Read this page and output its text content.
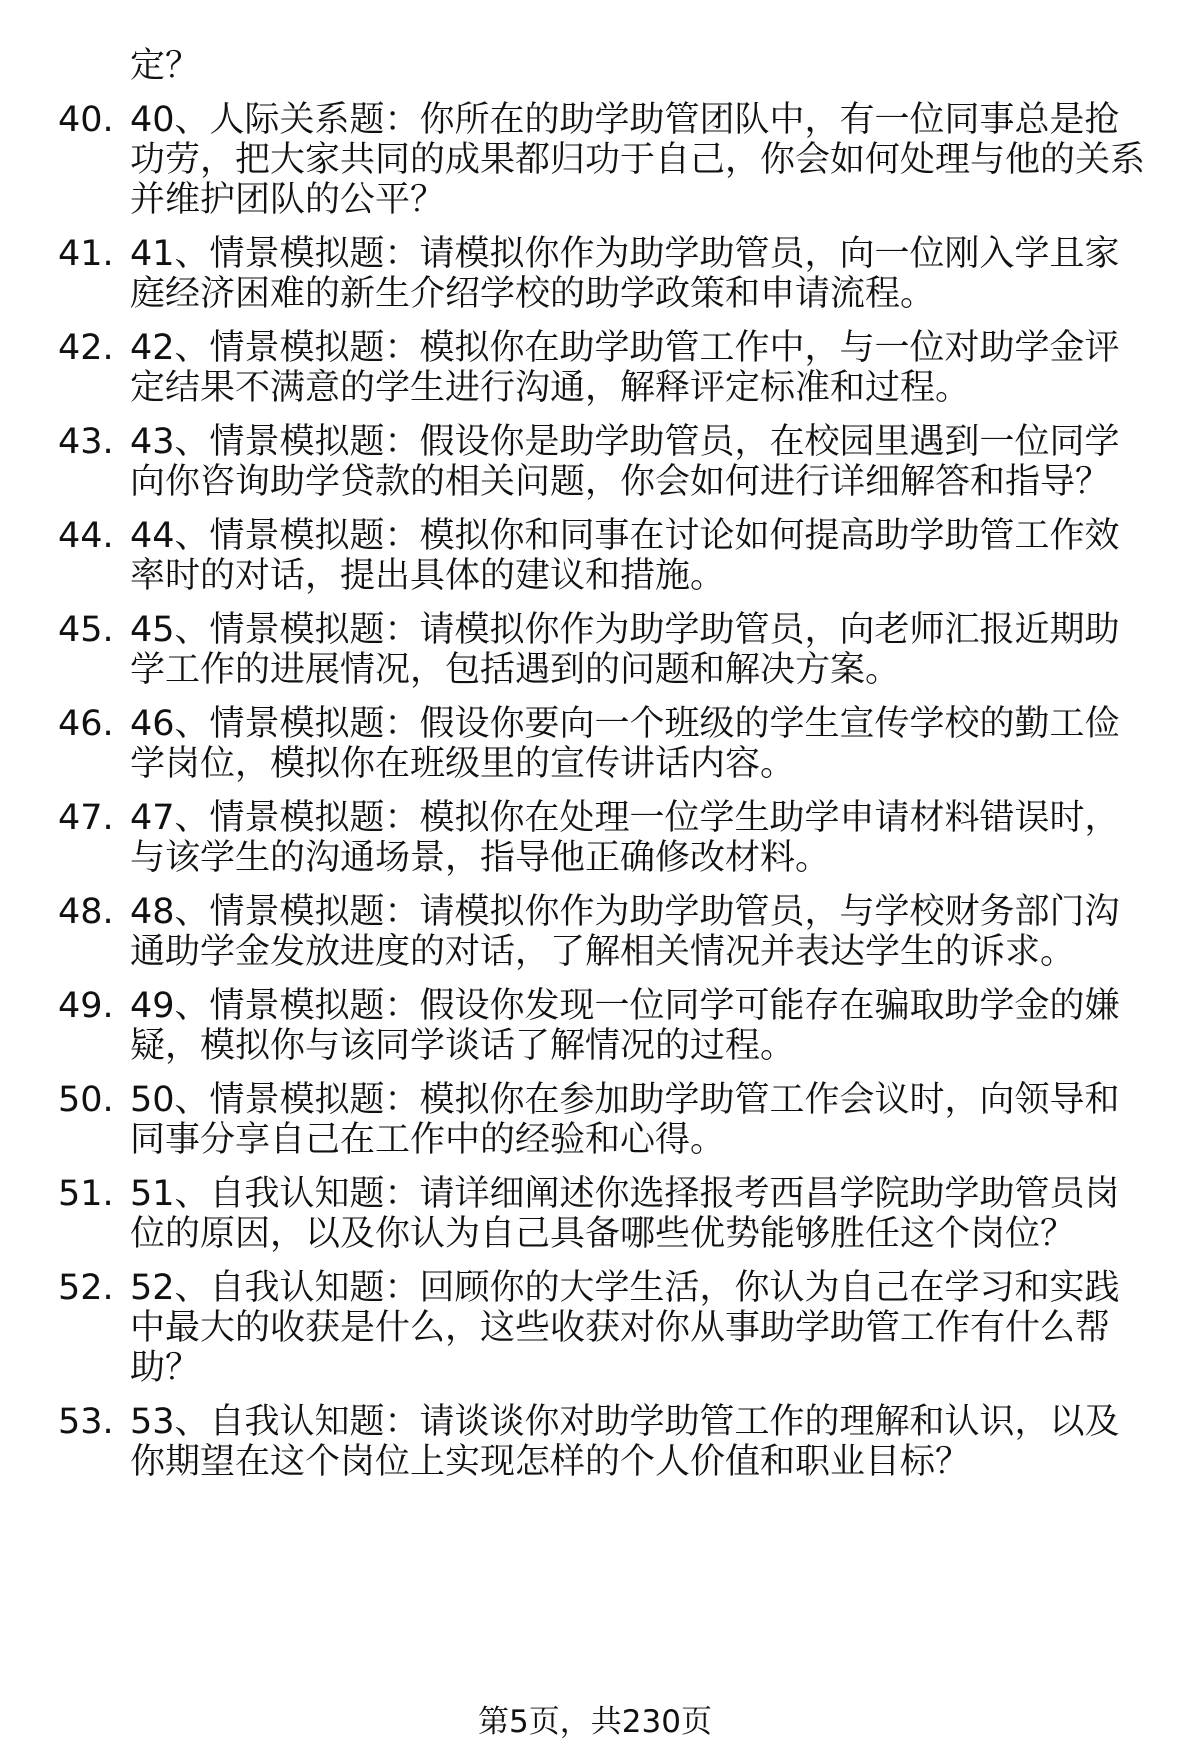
定？
40. 40、人际关系题：你所在的助学助管团队中，有一位同事总是抢功劳，把大家共同的成果都归功于自己，你会如何处理与他的关系并维护团队的公平？
41. 41、情景模拟题：请模拟你作为助学助管员，向一位刚入学且家庭经济困难的新生介绍学校的助学政策和申请流程。
42. 42、情景模拟题：模拟你在助学助管工作中，与一位对助学金评定结果不满意的学生进行沟通，解释评定标准和过程。
43. 43、情景模拟题：假设你是助学助管员，在校园里遇到一位同学向你咨询助学贷款的相关问题，你会如何进行详细解答和指导？
44. 44、情景模拟题：模拟你和同事在讨论如何提高助学助管工作效率时的对话，提出具体的建议和措施。
45. 45、情景模拟题：请模拟你作为助学助管员，向老师汇报近期助学工作的进展情况，包括遇到的问题和解决方案。
46. 46、情景模拟题：假设你要向一个班级的学生宣传学校的勤工俭学岗位，模拟你在班级里的宣传讲话内容。
47. 47、情景模拟题：模拟你在处理一位学生助学申请材料错误时，与该学生的沟通场景，指导他正确修改材料。
48. 48、情景模拟题：请模拟你作为助学助管员，与学校财务部门沟通助学金发放进度的对话，了解相关情况并表达学生的诉求。
49. 49、情景模拟题：假设你发现一位同学可能存在骗取助学金的嫌疑，模拟你与该同学谈话了解情况的过程。
50. 50、情景模拟题：模拟你在参加助学助管工作会议时，向领导和同事分享自己在工作中的经验和心得。
51. 51、自我认知题：请详细阐述你选择报考西昌学院助学助管员岗位的原因，以及你认为自己具备哪些优势能够胜任这个岗位？
52. 52、自我认知题：回顾你的大学生活，你认为自己在学习和实践中最大的收获是什么，这些收获对你从事助学助管工作有什么帮助？
53. 53、自我认知题：请谈谈你对助学助管工作的理解和认识，以及你期望在这个岗位上实现怎样的个人价值和职业目标？
第5页，共230页
